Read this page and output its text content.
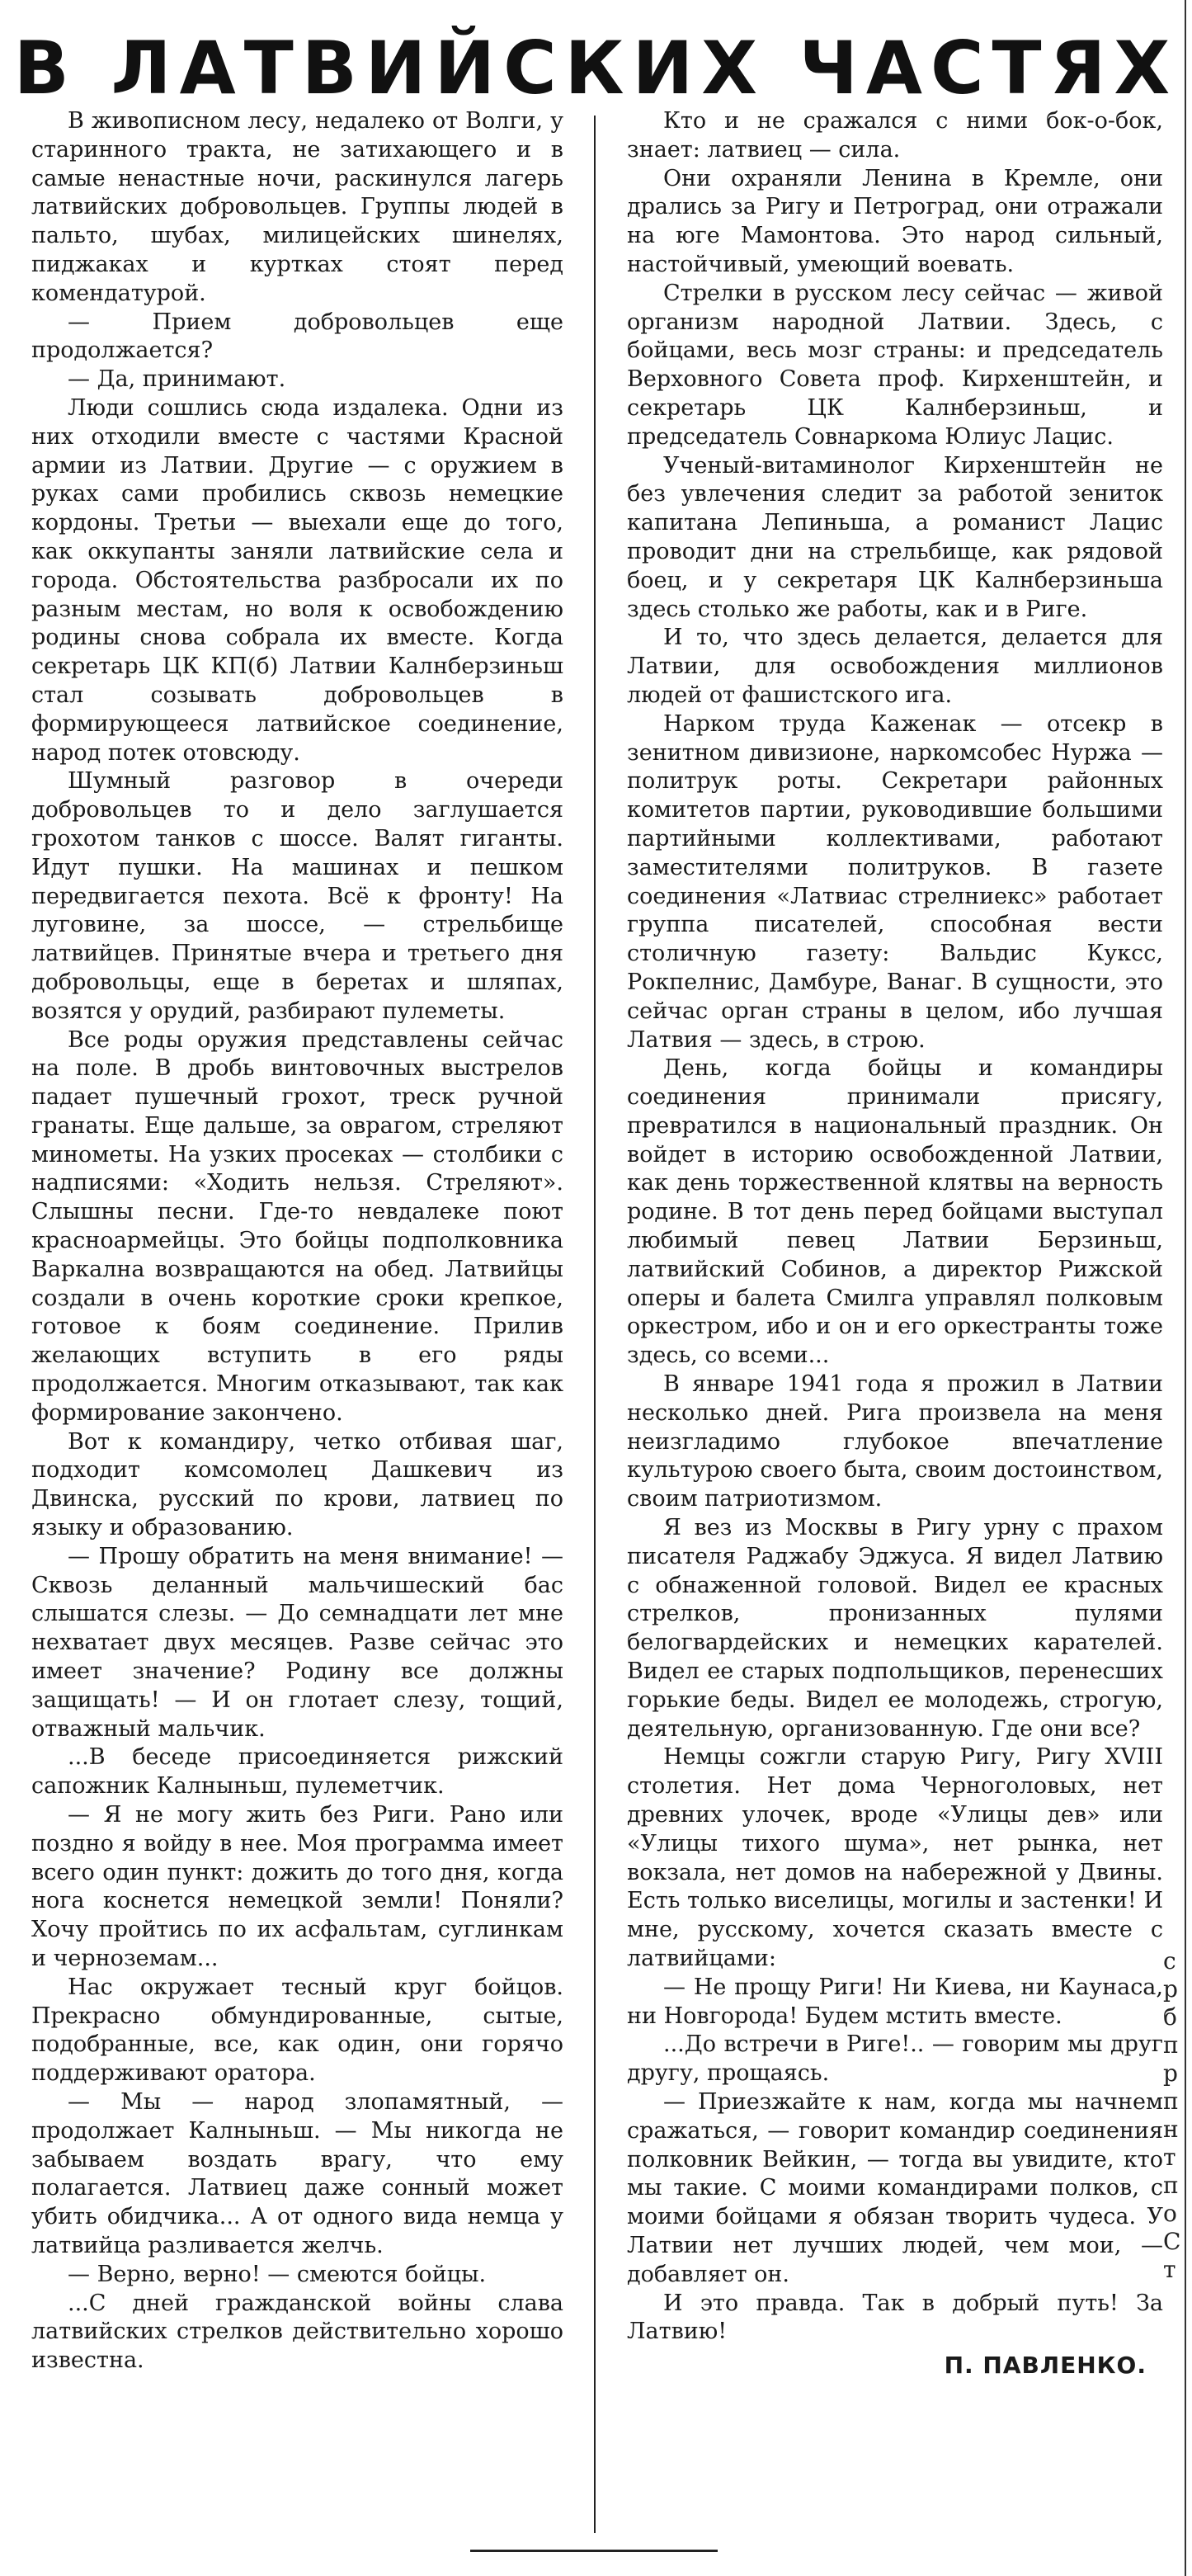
В ЛАТВИЙСКИХ ЧАСТЯХ

В живописном лесу, недалеко от Волги, у старинного тракта, не затихающего и в самые ненастные ночи, раскинулся лагерь латвийских добровольцев. Группы людей в пальто, шубах, милицейских шинелях, пиджаках и куртках стоят перед комендатурой.

— Прием добровольцев еще продолжается?

— Да, принимают.

Люди сошлись сюда издалека. Одни из них отходили вместе с частями Красной армии из Латвии. Другие — с оружием в руках сами пробились сквозь немецкие кордоны. Третьи — выехали еще до того, как оккупанты заняли латвийские села и города. Обстоятельства разбросали их по разным местам, но воля к освобождению родины снова собрала их вместе. Когда секретарь ЦК КП(б) Латвии Калнберзиньш стал созывать добровольцев в формирующееся латвийское соединение, народ потек отовсюду.

Шумный разговор в очереди добровольцев то и дело заглушается грохотом танков с шоссе. Валят гиганты. Идут пушки. На машинах и пешком передвигается пехота. Всё к фронту! На луговине, за шоссе, — стрельбище латвийцев. Принятые вчера и третьего дня добровольцы, еще в беретах и шляпах, возятся у орудий, разбирают пулеметы.

Все роды оружия представлены сейчас на поле. В дробь винтовочных выстрелов падает пушечный грохот, треск ручной гранаты. Еще дальше, за оврагом, стреляют минометы. На узких просеках — столбики с надписями: «Ходить нельзя. Стреляют». Слышны песни. Где-то невдалеке поют красноармейцы. Это бойцы подполковника Варкална возвращаются на обед. Латвийцы создали в очень короткие сроки крепкое, готовое к боям соединение. Прилив желающих вступить в его ряды продолжается. Многим отказывают, так как формирование закончено.

Вот к командиру, четко отбивая шаг, подходит комсомолец Дашкевич из Двинска, русский по крови, латвиец по языку и образованию.

— Прошу обратить на меня внимание! — Сквозь деланный мальчишеский бас слышатся слезы. — До семнадцати лет мне нехватает двух месяцев. Разве сейчас это имеет значение? Родину все должны защищать! — И он глотает слезу, тощий, отважный мальчик.

...В беседе присоединяется рижский сапожник Калныньш, пулеметчик.

— Я не могу жить без Риги. Рано или поздно я войду в нее. Моя программа имеет всего один пункт: дожить до того дня, когда нога коснется немецкой земли! Поняли? Хочу пройтись по их асфальтам, суглинкам и черноземам...

Нас окружает тесный круг бойцов. Прекрасно обмундированные, сытые, подобранные, все, как один, они горячо поддерживают оратора.

— Мы — народ злопамятный, — продолжает Калныньш. — Мы никогда не забываем воздать врагу, что ему полагается. Латвиец даже сонный может убить обидчика... А от одного вида немца у латвийца разливается желчь.

— Верно, верно! — смеются бойцы.

...С дней гражданской войны слава латвийских стрелков действительно хорошо известна.

Кто и не сражался с ними бок-о-бок, знает: латвиец — сила.

Они охраняли Ленина в Кремле, они дрались за Ригу и Петроград, они отражали на юге Мамонтова. Это народ сильный, настойчивый, умеющий воевать.

Стрелки в русском лесу сейчас — живой организм народной Латвии. Здесь, с бойцами, весь мозг страны: и председатель Верховного Совета проф. Кирхенштейн, и секретарь ЦК Калнберзиньш, и председатель Совнаркома Юлиус Лацис.

Ученый-витаминолог Кирхенштейн не без увлечения следит за работой зениток капитана Лепиньша, а романист Лацис проводит дни на стрельбище, как рядовой боец, и у секретаря ЦК Калнберзиньша здесь столько же работы, как и в Риге.

И то, что здесь делается, делается для Латвии, для освобождения миллионов людей от фашистского ига.

Нарком труда Каженак — отсекр в зенитном дивизионе, наркомсобес Нуржа — политрук роты. Секретари районных комитетов партии, руководившие большими партийными коллективами, работают заместителями политруков. В газете соединения «Латвиас стрелниекс» работает группа писателей, способная вести столичную газету: Вальдис Куксс, Рокпелнис, Дамбуре, Ванаг. В сущности, это сейчас орган страны в целом, ибо лучшая Латвия — здесь, в строю.

День, когда бойцы и командиры соединения принимали присягу, превратился в национальный праздник. Он войдет в историю освобожденной Латвии, как день торжественной клятвы на верность родине. В тот день перед бойцами выступал любимый певец Латвии Берзиньш, латвийский Собинов, а директор Рижской оперы и балета Смилга управлял полковым оркестром, ибо и он и его оркестранты тоже здесь, со всеми...

В январе 1941 года я прожил в Латвии несколько дней. Рига произвела на меня неизгладимо глубокое впечатление культурою своего быта, своим достоинством, своим патриотизмом.

Я вез из Москвы в Ригу урну с прахом писателя Раджабу Эджуса. Я видел Латвию с обнаженной головой. Видел ее красных стрелков, пронизанных пулями белогвардейских и немецких карателей. Видел ее старых подпольщиков, перенесших горькие беды. Видел ее молодежь, строгую, деятельную, организованную. Где они все?

Немцы сожгли старую Ригу, Ригу XVIII столетия. Нет дома Черноголовых, нет древних улочек, вроде «Улицы дев» или «Улицы тихого шума», нет рынка, нет вокзала, нет домов на набережной у Двины. Есть только виселицы, могилы и застенки! И мне, русскому, хочется сказать вместе с латвийцами:

— Не прощу Риги! Ни Киева, ни Каунаса, ни Новгорода! Будем мстить вместе.

...До встречи в Риге!.. — говорим мы друг другу, прощаясь.

— Приезжайте к нам, когда мы начнем сражаться, — говорит командир соединения полковник Вейкин, — тогда вы увидите, кто мы такие. С моими командирами полков, с моими бойцами я обязан творить чудеса. У Латвии нет лучших людей, чем мои, — добавляет он.

И это правда. Так в добрый путь! За Латвию!

П. ПАВЛЕНКО.

с
р
б
п
р
п
н
т
п
о
С
т
